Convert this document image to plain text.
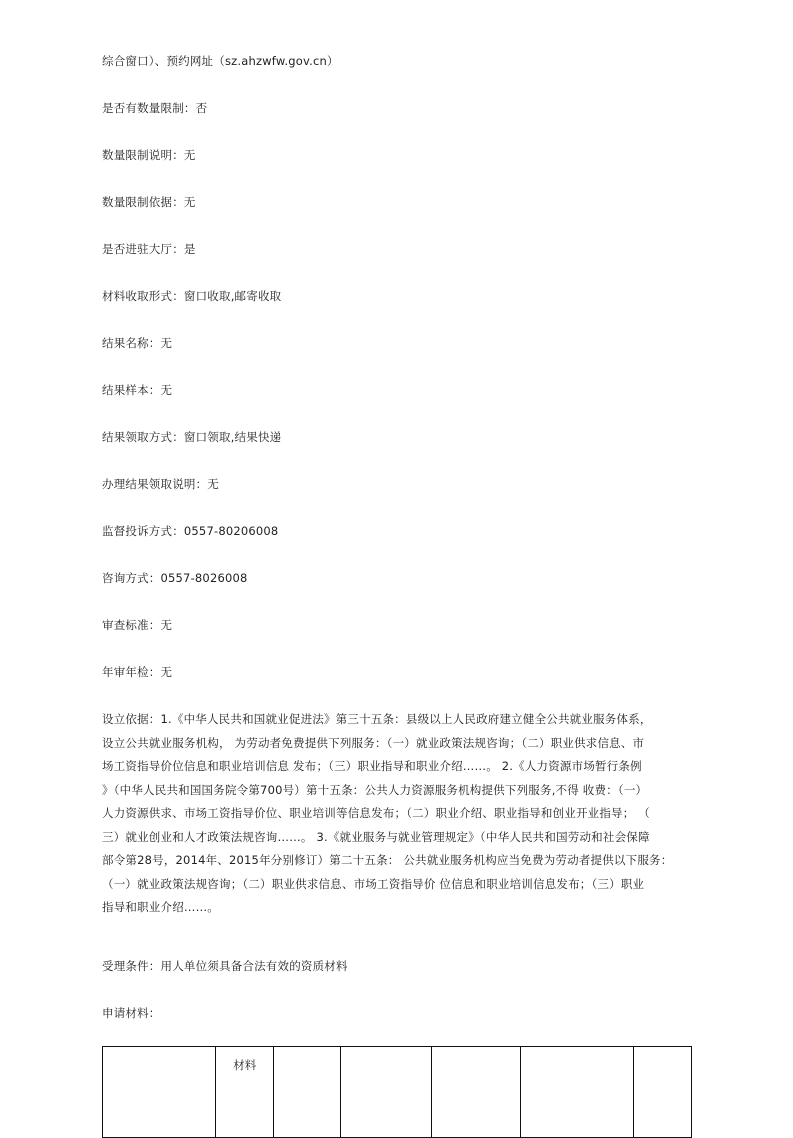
综合窗口）、预约网址（sz.ahzwfw.gov.cn）
是否有数量限制：否
数量限制说明：无
数量限制依据：无
是否进驻大厅：是
材料收取形式：窗口收取,邮寄收取
结果名称：无
结果样本：无
结果领取方式：窗口领取,结果快递
办理结果领取说明：无
监督投诉方式：0557-80206008
咨询方式：0557-8026008
审查标准：无
年审年检：无
设立依据：1.《中华人民共和国就业促进法》第三十五条：县级以上人民政府建立健全公共就业服务体系，
设立公共就业服务机构， 为劳动者免费提供下列服务：（一）就业政策法规咨询；（二）职业供求信息、市
场工资指导价位信息和职业培训信息 发布；（三）职业指导和职业介绍……。 2.《人力资源市场暂行条例
》（中华人民共和国国务院令第700号）第十五条：公共人力资源服务机构提供下列服务,不得 收费：（一）
人力资源供求、市场工资指导价位、职业培训等信息发布；（二）职业介绍、职业指导和创业开业指导； （
三）就业创业和人才政策法规咨询……。 3.《就业服务与就业管理规定》（中华人民共和国劳动和社会保障
部令第28号，2014年、2015年分别修订）第二十五条： 公共就业服务机构应当免费为劳动者提供以下服务：
（一）就业政策法规咨询；（二）职业供求信息、市场工资指导价 位信息和职业培训信息发布；（三）职业
指导和职业介绍……。
受理条件：用人单位须具备合法有效的资质材料
申请材料：
	材料					
